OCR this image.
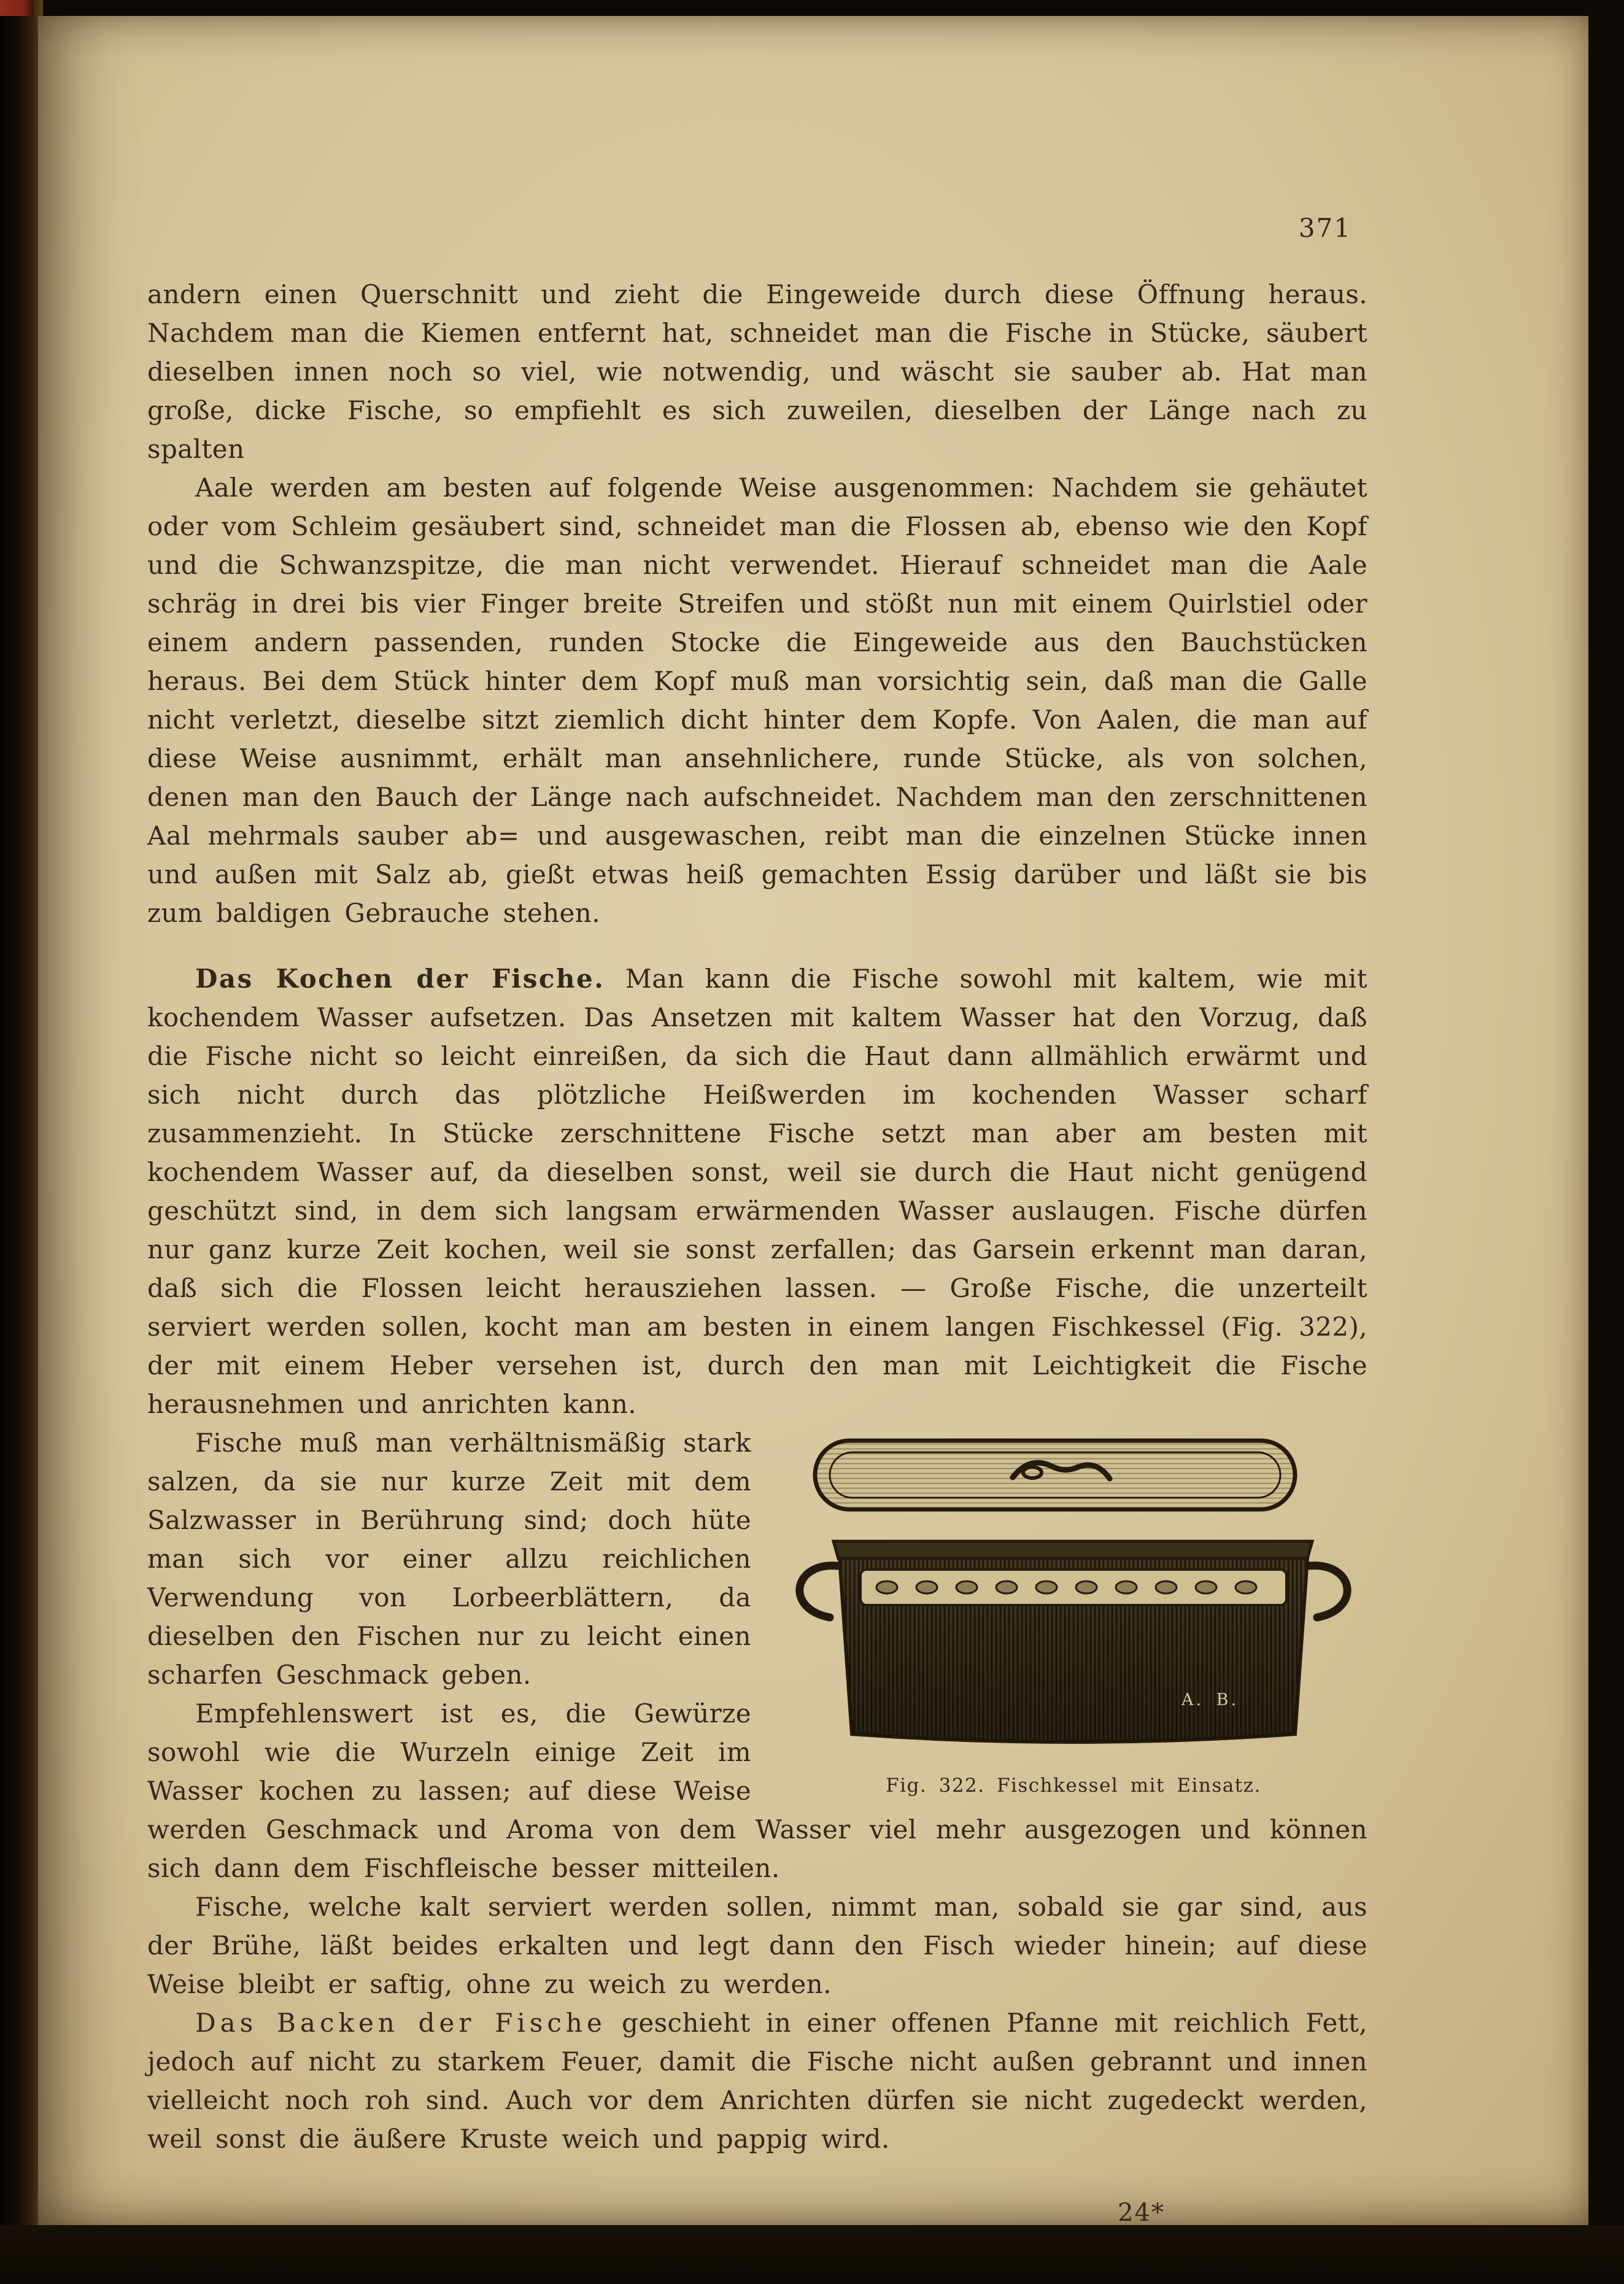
371

andern einen Querschnitt und zieht die Eingeweide durch diese Öffnung heraus. Nachdem man die Kiemen entfernt hat, schneidet man die Fische in Stücke, säubert dieselben innen noch so viel, wie notwendig, und wäscht sie sauber ab. Hat man große, dicke Fische, so empfiehlt es sich zuweilen, dieselben der Länge nach zu spalten

Aale werden am besten auf folgende Weise ausgenommen: Nachdem sie gehäutet oder vom Schleim gesäubert sind, schneidet man die Flossen ab, ebenso wie den Kopf und die Schwanzspitze, die man nicht verwendet. Hierauf schneidet man die Aale schräg in drei bis vier Finger breite Streifen und stößt nun mit einem Quirlstiel oder einem andern passenden, runden Stocke die Eingeweide aus den Bauchstücken heraus. Bei dem Stück hinter dem Kopf muß man vorsichtig sein, daß man die Galle nicht verletzt, dieselbe sitzt ziemlich dicht hinter dem Kopfe. Von Aalen, die man auf diese Weise ausnimmt, erhält man ansehnlichere, runde Stücke, als von solchen, denen man den Bauch der Länge nach aufschneidet. Nachdem man den zerschnittenen Aal mehrmals sauber ab= und ausgewaschen, reibt man die einzelnen Stücke innen und außen mit Salz ab, gießt etwas heiß gemachten Essig darüber und läßt sie bis zum baldigen Gebrauche stehen.

Das Kochen der Fische. Man kann die Fische sowohl mit kaltem, wie mit kochendem Wasser aufsetzen. Das Ansetzen mit kaltem Wasser hat den Vorzug, daß die Fische nicht so leicht einreißen, da sich die Haut dann allmählich erwärmt und sich nicht durch das plötzliche Heißwerden im kochenden Wasser scharf zusammenzieht. In Stücke zerschnittene Fische setzt man aber am besten mit kochendem Wasser auf, da dieselben sonst, weil sie durch die Haut nicht genügend geschützt sind, in dem sich langsam erwärmenden Wasser auslaugen. Fische dürfen nur ganz kurze Zeit kochen, weil sie sonst zerfallen; das Garsein erkennt man daran, daß sich die Flossen leicht herausziehen lassen. — Große Fische, die unzerteilt serviert werden sollen, kocht man am besten in einem langen Fischkessel (Fig. 322), der mit einem Heber versehen ist, durch den man mit Leichtigkeit die Fische herausnehmen und anrichten kann.

A. B.
Fig. 322. Fischkessel mit Einsatz.

Fische muß man verhältnismäßig stark salzen, da sie nur kurze Zeit mit dem Salzwasser in Berührung sind; doch hüte man sich vor einer allzu reichlichen Verwendung von Lorbeerblättern, da dieselben den Fischen nur zu leicht einen scharfen Geschmack geben.

Empfehlenswert ist es, die Gewürze sowohl wie die Wurzeln einige Zeit im Wasser kochen zu lassen; auf diese Weise werden Geschmack und Aroma von dem Wasser viel mehr ausgezogen und können sich dann dem Fischfleische besser mitteilen.

Fische, welche kalt serviert werden sollen, nimmt man, sobald sie gar sind, aus der Brühe, läßt beides erkalten und legt dann den Fisch wieder hinein; auf diese Weise bleibt er saftig, ohne zu weich zu werden.

Das Backen der Fische geschieht in einer offenen Pfanne mit reichlich Fett, jedoch auf nicht zu starkem Feuer, damit die Fische nicht außen gebrannt und innen vielleicht noch roh sind. Auch vor dem Anrichten dürfen sie nicht zugedeckt werden, weil sonst die äußere Kruste weich und pappig wird.

24*
